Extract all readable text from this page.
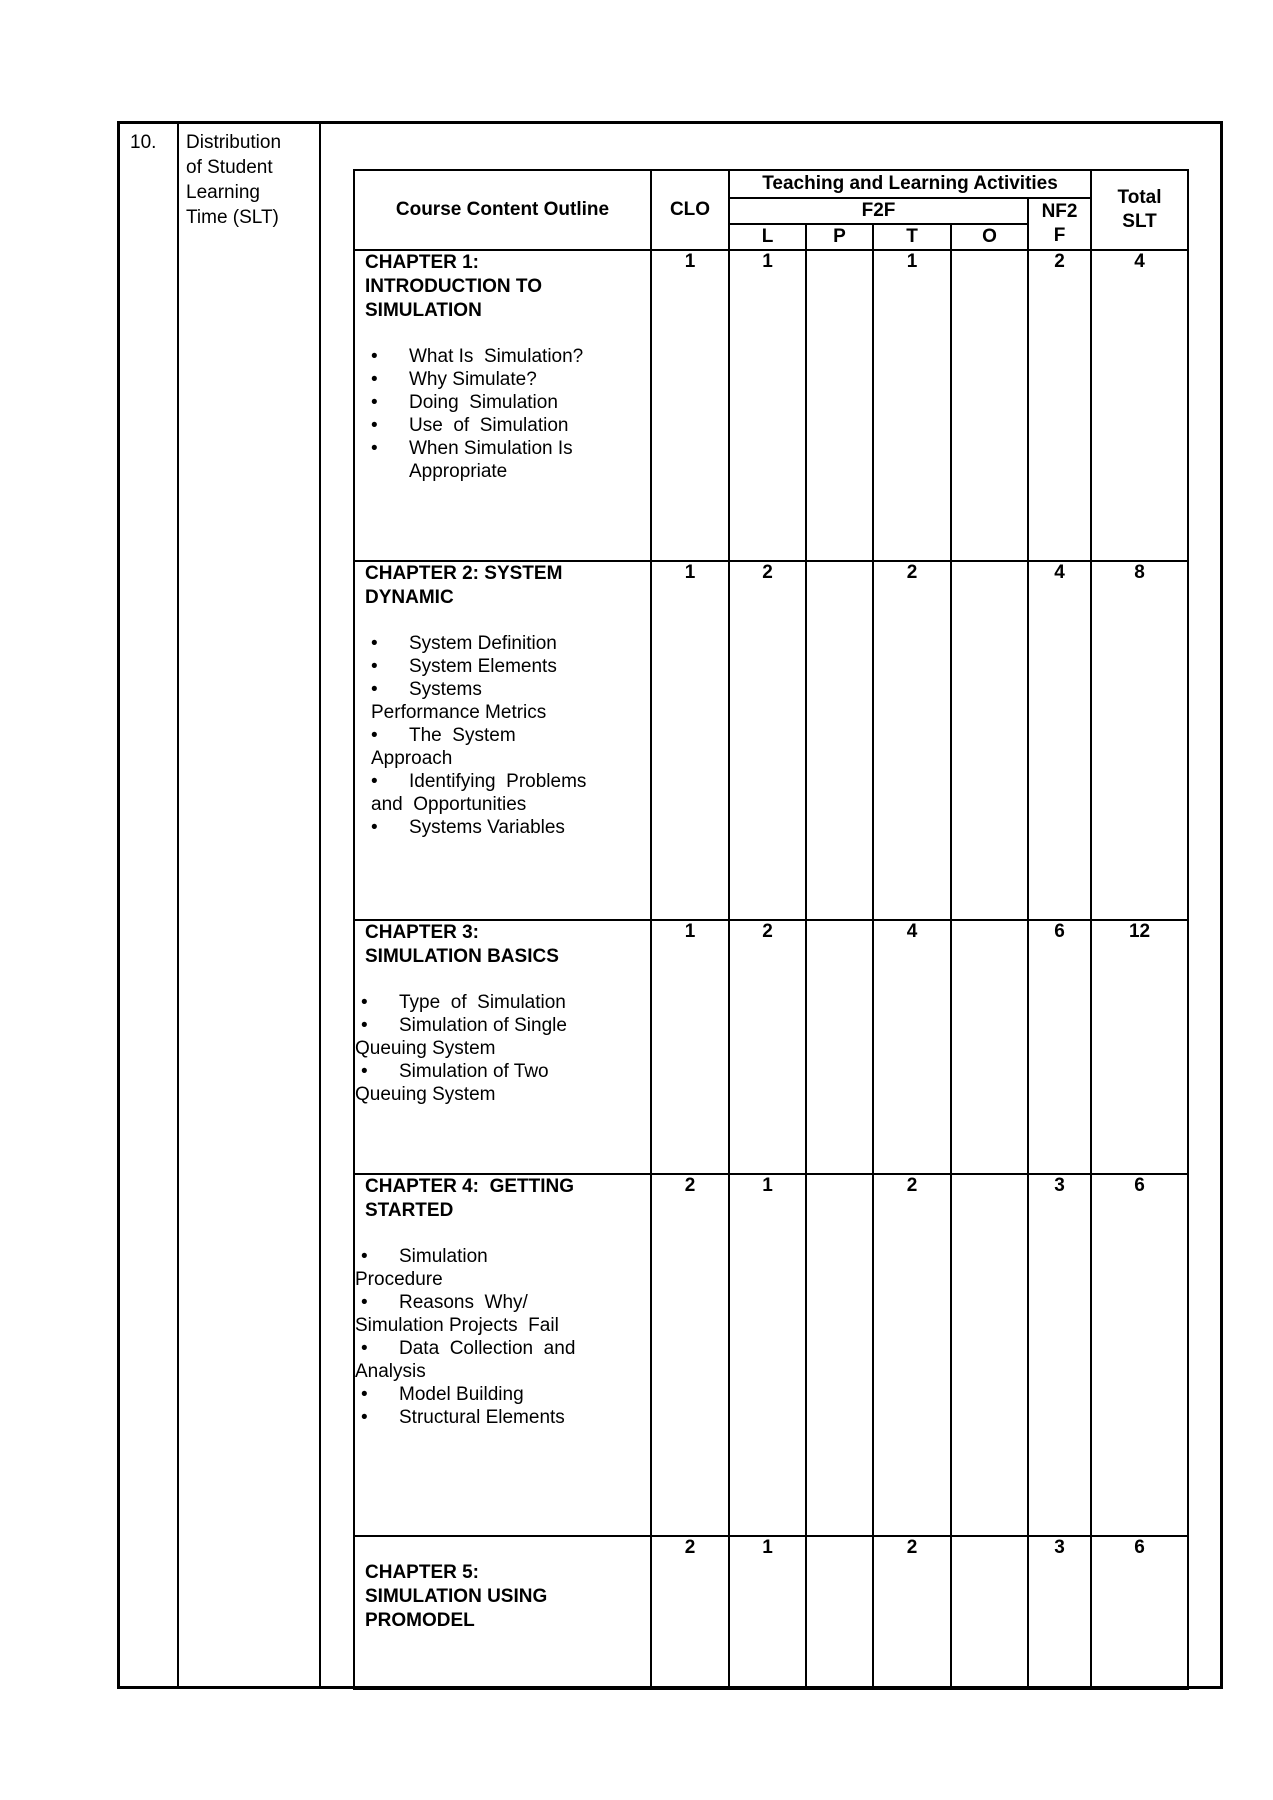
10. Distribution
of Student
Learning
Time (SLT)	Course Content Outline	CLO	Teaching and Learning Activities					Total
SLT

		F2F				NF2
F	

		L	P	T	O		

CHAPTER 1:
INTRODUCTION TO
SIMULATION
• What Is  Simulation?
• Why Simulate?
• Doing  Simulation
• Use  of  Simulation
• When Simulation Is
Appropriate
	1	1		1		2	4

CHAPTER 2: SYSTEM
DYNAMIC
• System Definition
• System Elements
• Systems
Performance Metrics
• The  System
Approach
• Identifying  Problems
and  Opportunities
• Systems Variables
	1	2		2		4	8

CHAPTER 3:
SIMULATION BASICS
• Type  of  Simulation
• Simulation of Single
Queuing System
• Simulation of Two
Queuing System
	1	2		4		6	12

CHAPTER 4:  GETTING
STARTED
• Simulation
Procedure
• Reasons  Why/
Simulation Projects  Fail
• Data  Collection  and
Analysis
• Model Building
• Structural Elements
	2	1		2		3	6

CHAPTER 5:
SIMULATION USING
PROMODEL	2	1		2		3	6
